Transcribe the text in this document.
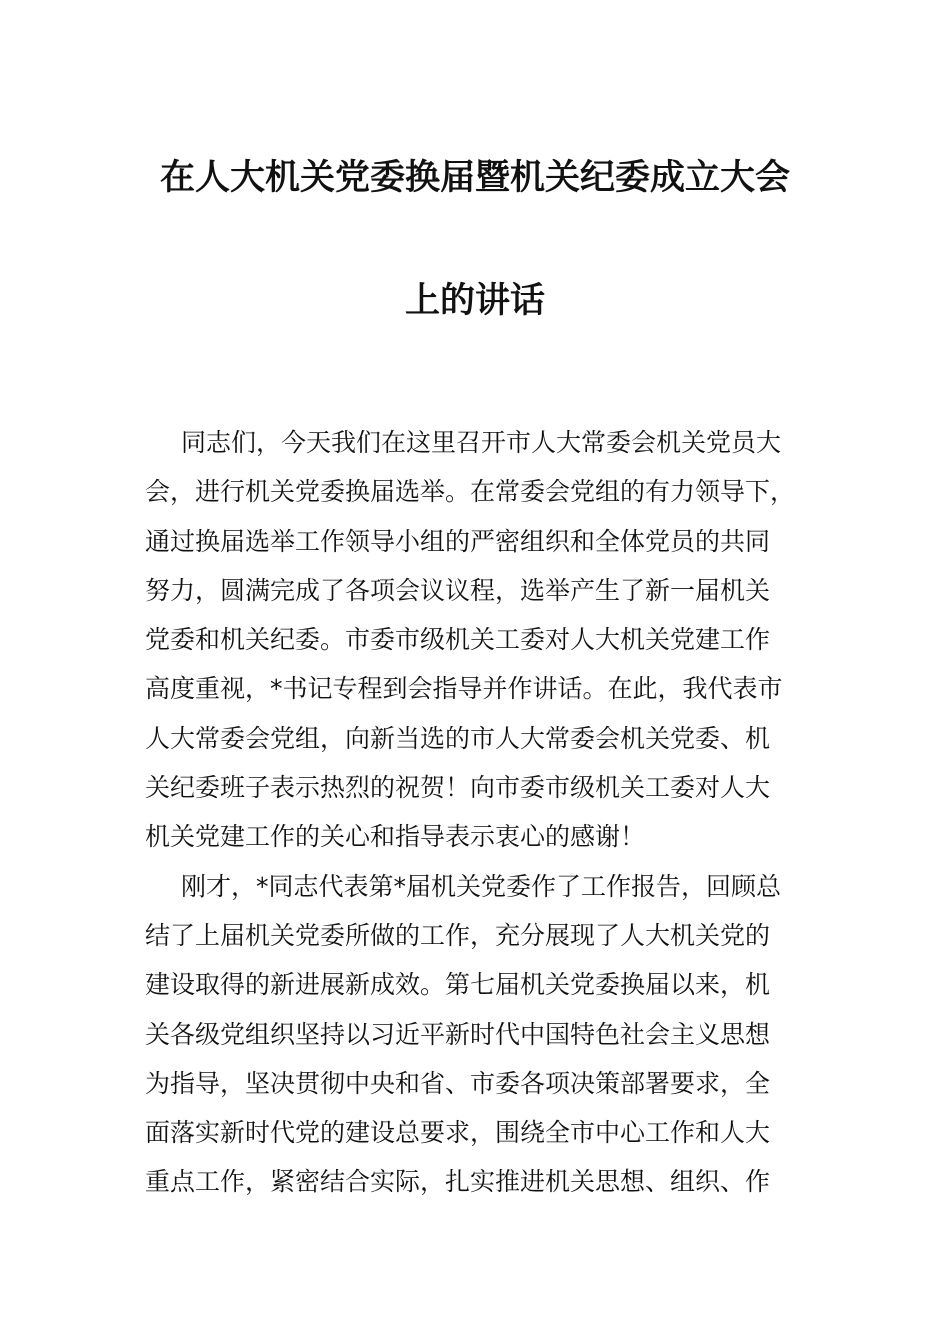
在人大机关党委换届暨机关纪委成立大会
上的讲话
同志们，今天我们在这里召开市人大常委会机关党员大
会，进行机关党委换届选举。在常委会党组的有力领导下，
通过换届选举工作领导小组的严密组织和全体党员的共同
努力，圆满完成了各项会议议程，选举产生了新一届机关
党委和机关纪委。市委市级机关工委对人大机关党建工作
高度重视，*书记专程到会指导并作讲话。在此，我代表市
人大常委会党组，向新当选的市人大常委会机关党委、机
关纪委班子表示热烈的祝贺！向市委市级机关工委对人大
机关党建工作的关心和指导表示衷心的感谢！
刚才，*同志代表第*届机关党委作了工作报告，回顾总
结了上届机关党委所做的工作，充分展现了人大机关党的
建设取得的新进展新成效。第七届机关党委换届以来，机
关各级党组织坚持以习近平新时代中国特色社会主义思想
为指导，坚决贯彻中央和省、市委各项决策部署要求，全
面落实新时代党的建设总要求，围绕全市中心工作和人大
重点工作，紧密结合实际，扎实推进机关思想、组织、作
